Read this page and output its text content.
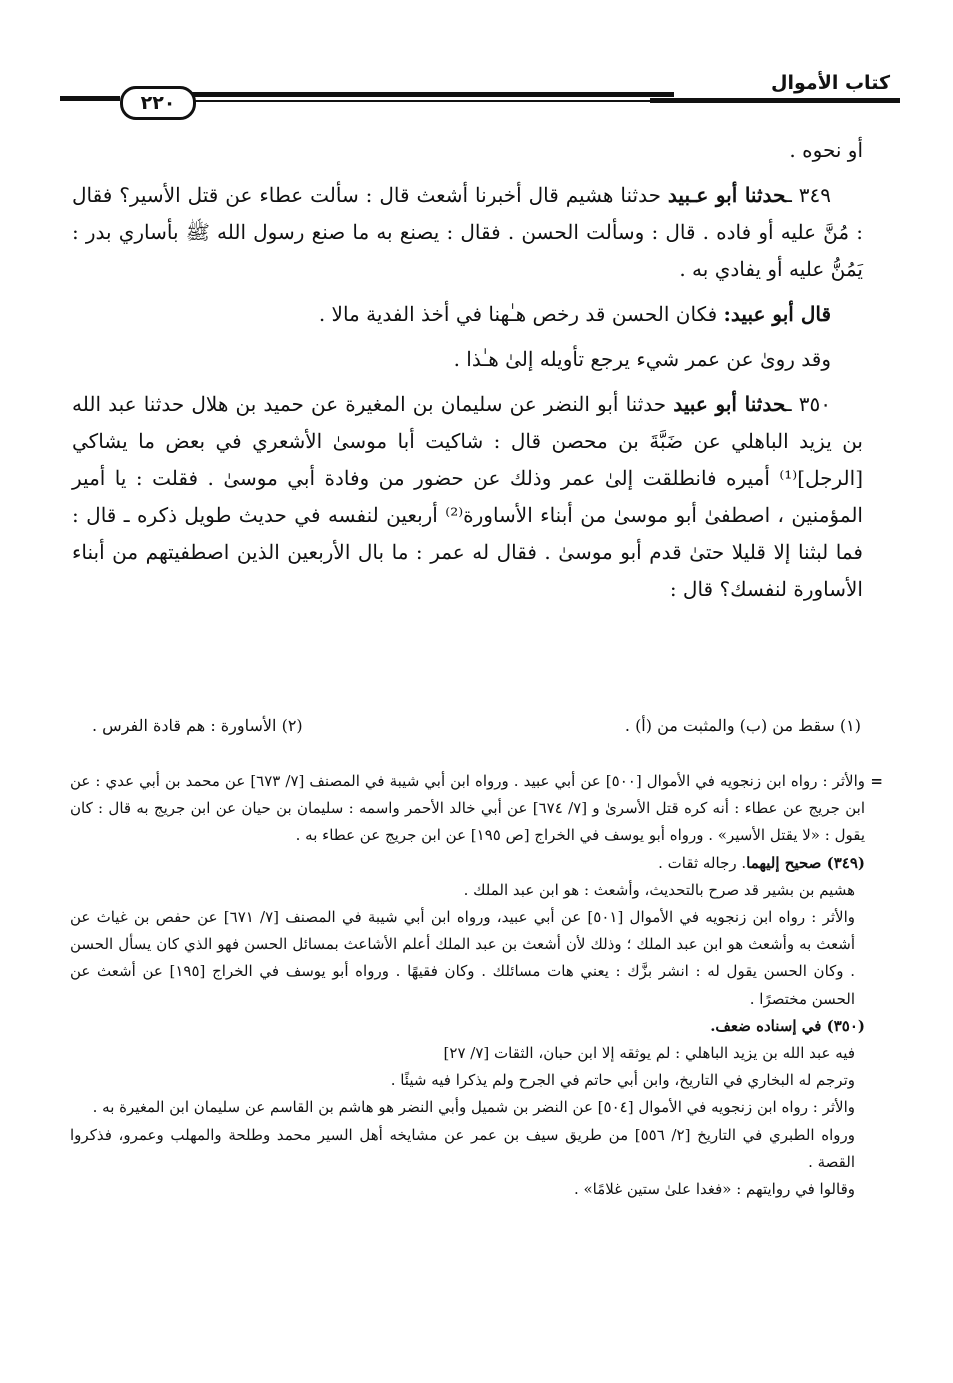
كتاب الأموال
٢٢٠

أو نحوه .

٣٤٩ ـحدثنا أبو عـبيد حدثنا هشيم قال أخبرنا أشعث قال : سألت عطاء عن قتل الأسير؟ فقال : مُنَّ عليه أو فاده . قال : وسألت الحسن . فقال : يصنع به ما صنع رسول الله ﷺ بأساري بدر : يَمُنُّ عليه أو يفادي به .

قال أبو عبيد: فكان الحسن قد رخص هـٰهنا في أخذ الفدية مالا .

وقد روىٰ عن عمر شيء يرجع تأويله إلىٰ هـٰذا .

٣٥٠ ـحدثنا أبو عبيد حدثنا أبو النضر عن سليمان بن المغيرة عن حميد بن هلال حدثنا عبد الله بن يزيد الباهلي عن ضَبَّةَ بن محصن قال : شاكيت أبا موسىٰ الأشعري في بعض ما يشاكي [الرجل]⁽¹⁾ أميره فانطلقت إلىٰ عمر وذلك عن حضور من وفادة أبي موسىٰ . فقلت : يا أمير المؤمنين ، اصطفىٰ أبو موسىٰ من أبناء الأساورة⁽²⁾ أربعين لنفسه في حديث طويل ذكره ـ قال : فما لبثنا إلا قليلا حتىٰ قدم أبو موسىٰ . فقال له عمر : ما بال الأربعين الذين اصطفيتهم من أبناء الأساورة لنفسك؟ قال :

(١) سقط من (ب) والمثبت من (أ) .
(٢) الأساورة : هم قادة الفرس .

=
والأثر : رواه ابن زنجويه في الأموال [٥٠٠] عن أبي عبيد . ورواه ابن أبي شيبة في المصنف [٧/ ٦٧٣] عن محمد بن أبي عدي : عن ابن جريج عن عطاء : أنه كره قتل الأسرىٰ و [٧/ ٦٧٤] عن أبي خالد الأحمر واسمه : سليمان بن حيان عن ابن جريج به قال : كان يقول : «لا يقتل الأسير» . ورواه أبو يوسف في الخراج [ص ١٩٥] عن ابن جريج عن عطاء به .

(٣٤٩) صحيح إليهما. رجاله ثقات .

هشيم بن بشير قد صرح بالتحديث، وأشعث : هو ابن عبد الملك .

والأثر : رواه ابن زنجويه في الأموال [٥٠١] عن أبي عبيد، ورواه ابن أبي شيبة في المصنف [٧/ ٦٧١] عن حفص بن غياث عن أشعث به وأشعث هو ابن عبد الملك ؛ وذلك لأن أشعث بن عبد الملك أعلم الأشاعث بمسائل الحسن فهو الذي كان يسأل الحسن . وكان الحسن يقول له : انشر بزَّك : يعني هات مسائلك . وكان فقيهًا . ورواه أبو يوسف في الخراج [١٩٥] عن أشعث عن الحسن مختصرًا .

(٣٥٠) في إسناده ضعف.

فيه عبد الله بن يزيد الباهلي : لم يوثقه إلا ابن حبان، الثقات [٧/ ٢٧]

وترجم له البخاري في التاريخ، وابن أبي حاتم في الجرح ولم يذكرا فيه شيئًا .

والأثر : رواه ابن زنجويه في الأموال [٥٠٤] عن النضر بن شميل وأبي النضر هو هاشم بن القاسم عن سليمان ابن المغيرة به .

ورواه الطبري في التاريخ [٢/ ٥٥٦] من طريق سيف بن عمر عن مشايخه أهل السير محمد وطلحة والمهلب وعمرو، فذكروا القصة .

وقالوا في روايتهم : «فغدا علىٰ ستين غلامًا» .
